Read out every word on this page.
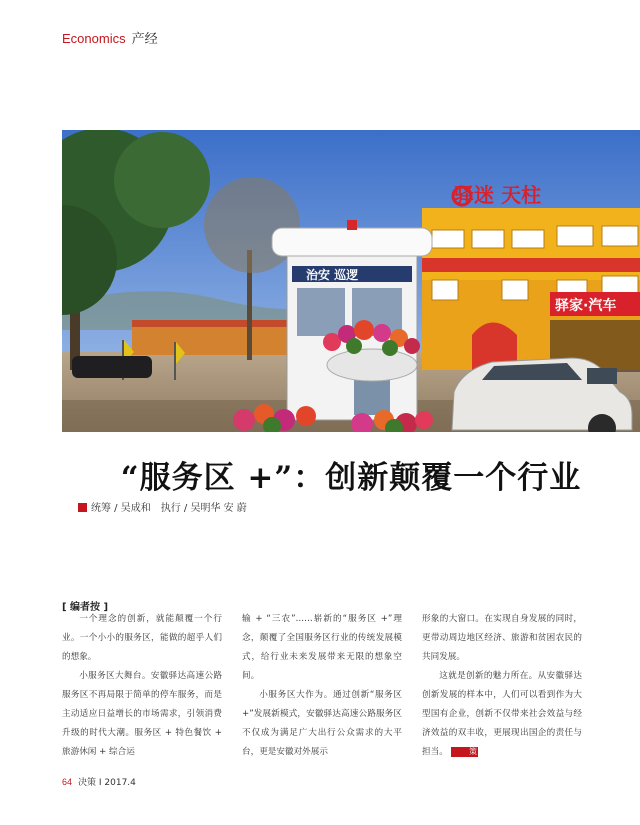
Economics 产经
驿迷 天柱
驿家·汽车
治安 巡逻
“服务区 +”：创新颠覆一个行业
统筹 / 吴成和　执行 / 吴明华 安 蔚
[ 编者按 ]

一个理念的创新，就能颠覆一个行业。一个小小的服务区，能做的超乎人们的想象。

小服务区大舞台。安徽驿达高速公路服务区不再局限于简单的停车服务，而是主动适应日益增长的市场需求，引领消费升级的时代大潮。服务区 + 特色餐饮 + 旅游休闲 + 综合运

输 + “三农”……崭新的“服务区 +”理念，颠覆了全国服务区行业的传统发展模式，给行业未来发展带来无限的想象空间。

小服务区大作为。通过创新“服务区 +”发展新模式，安徽驿达高速公路服务区不仅成为满足广大出行公众需求的大平台，更是安徽对外展示

形象的大窗口。在实现自身发展的同时，更带动周边地区经济、旅游和贫困农民的共同发展。

这就是创新的魅力所在。从安徽驿达创新发展的样本中，人们可以看到作为大型国有企业，创新不仅带来社会效益与经济效益的双丰收，更展现出国企的责任与担当。	策

64 决策 I 2017.4
